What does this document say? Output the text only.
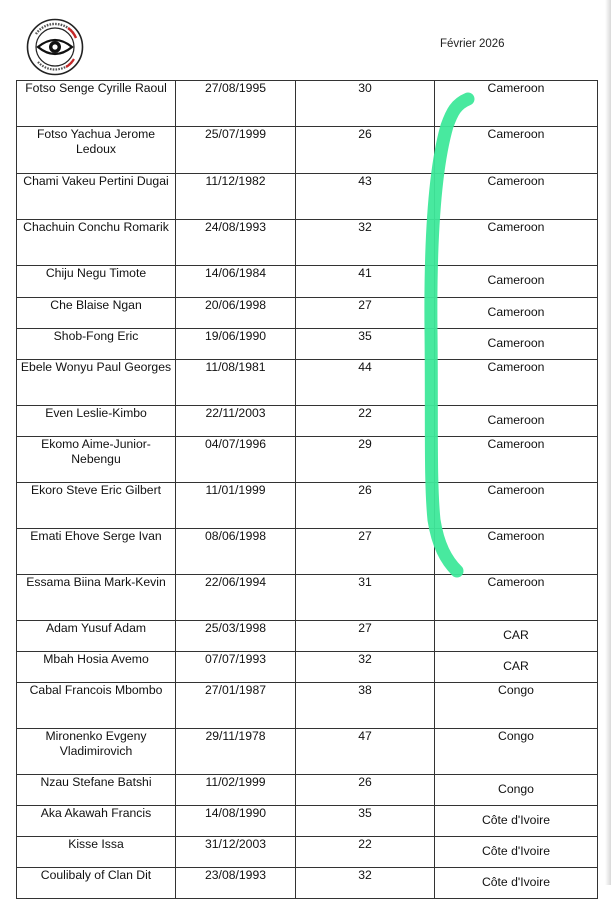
Février 2026
Fotso Senge Cyrille Raoul	27/08/1995	30	Cameroon
Fotso Yachua Jerome Ledoux	25/07/1999	26	Cameroon
Chami Vakeu Pertini Dugai	11/12/1982	43	Cameroon
Chachuin Conchu Romarik	24/08/1993	32	Cameroon
Chiju Negu Timote	14/06/1984	41	Cameroon
Che Blaise Ngan	20/06/1998	27	Cameroon
Shob-Fong Eric	19/06/1990	35	Cameroon
Ebele Wonyu Paul Georges	11/08/1981	44	Cameroon
Even Leslie-Kimbo	22/11/2003	22	Cameroon
Ekomo Aime-Junior-Nebengu	04/07/1996	29	Cameroon
Ekoro Steve Eric Gilbert	11/01/1999	26	Cameroon
Emati Ehove Serge Ivan	08/06/1998	27	Cameroon
Essama Biina Mark-Kevin	22/06/1994	31	Cameroon
Adam Yusuf Adam	25/03/1998	27	CAR
Mbah Hosia Avemo	07/07/1993	32	CAR
Cabal Francois Mbombo	27/01/1987	38	Congo
Mironenko Evgeny Vladimirovich	29/11/1978	47	Congo
Nzau Stefane Batshi	11/02/1999	26	Congo
Aka Akawah Francis	14/08/1990	35	Côte d'Ivoire
Kisse Issa	31/12/2003	22	Côte d'Ivoire
Coulibaly of Clan Dit	23/08/1993	32	Côte d'Ivoire
